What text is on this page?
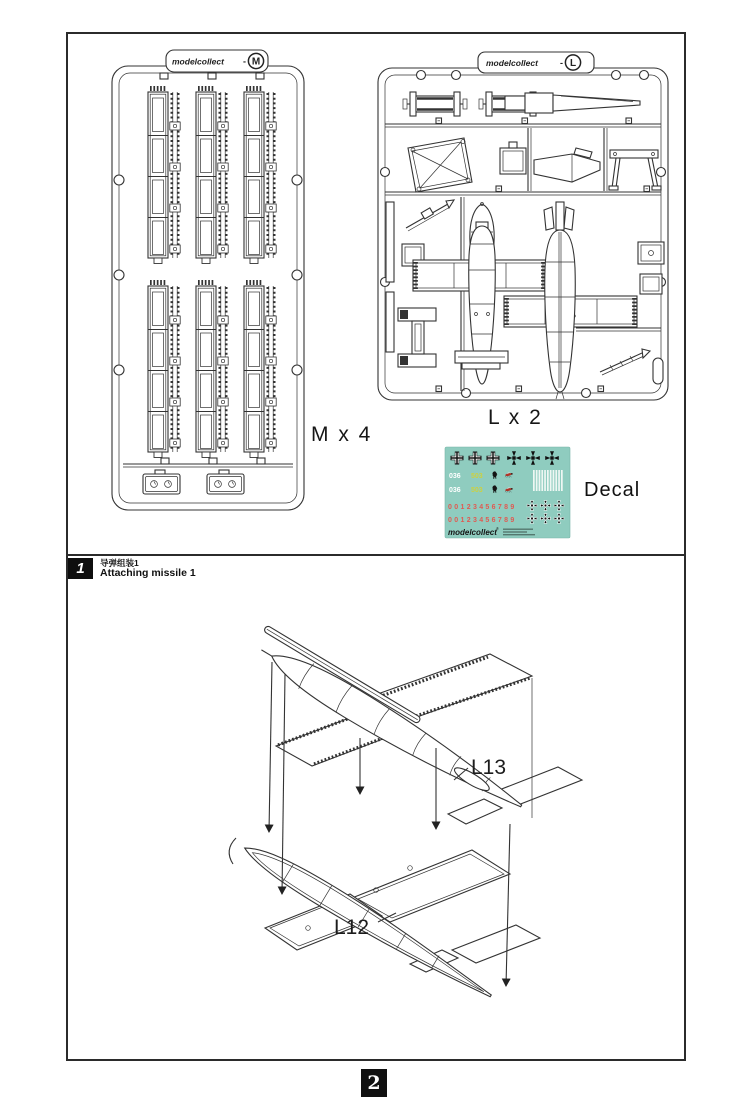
modelcollect - M
M x 4
modelcollect - L
L x 2
036 503
036 503
0 0 1 2 3 4 5 6 7 8 9
0 0 1 2 3 4 5 6 7 8 9
modelcollect ®
Decal
1	导弹组装1
Attaching missile 1
L13
L12
2
